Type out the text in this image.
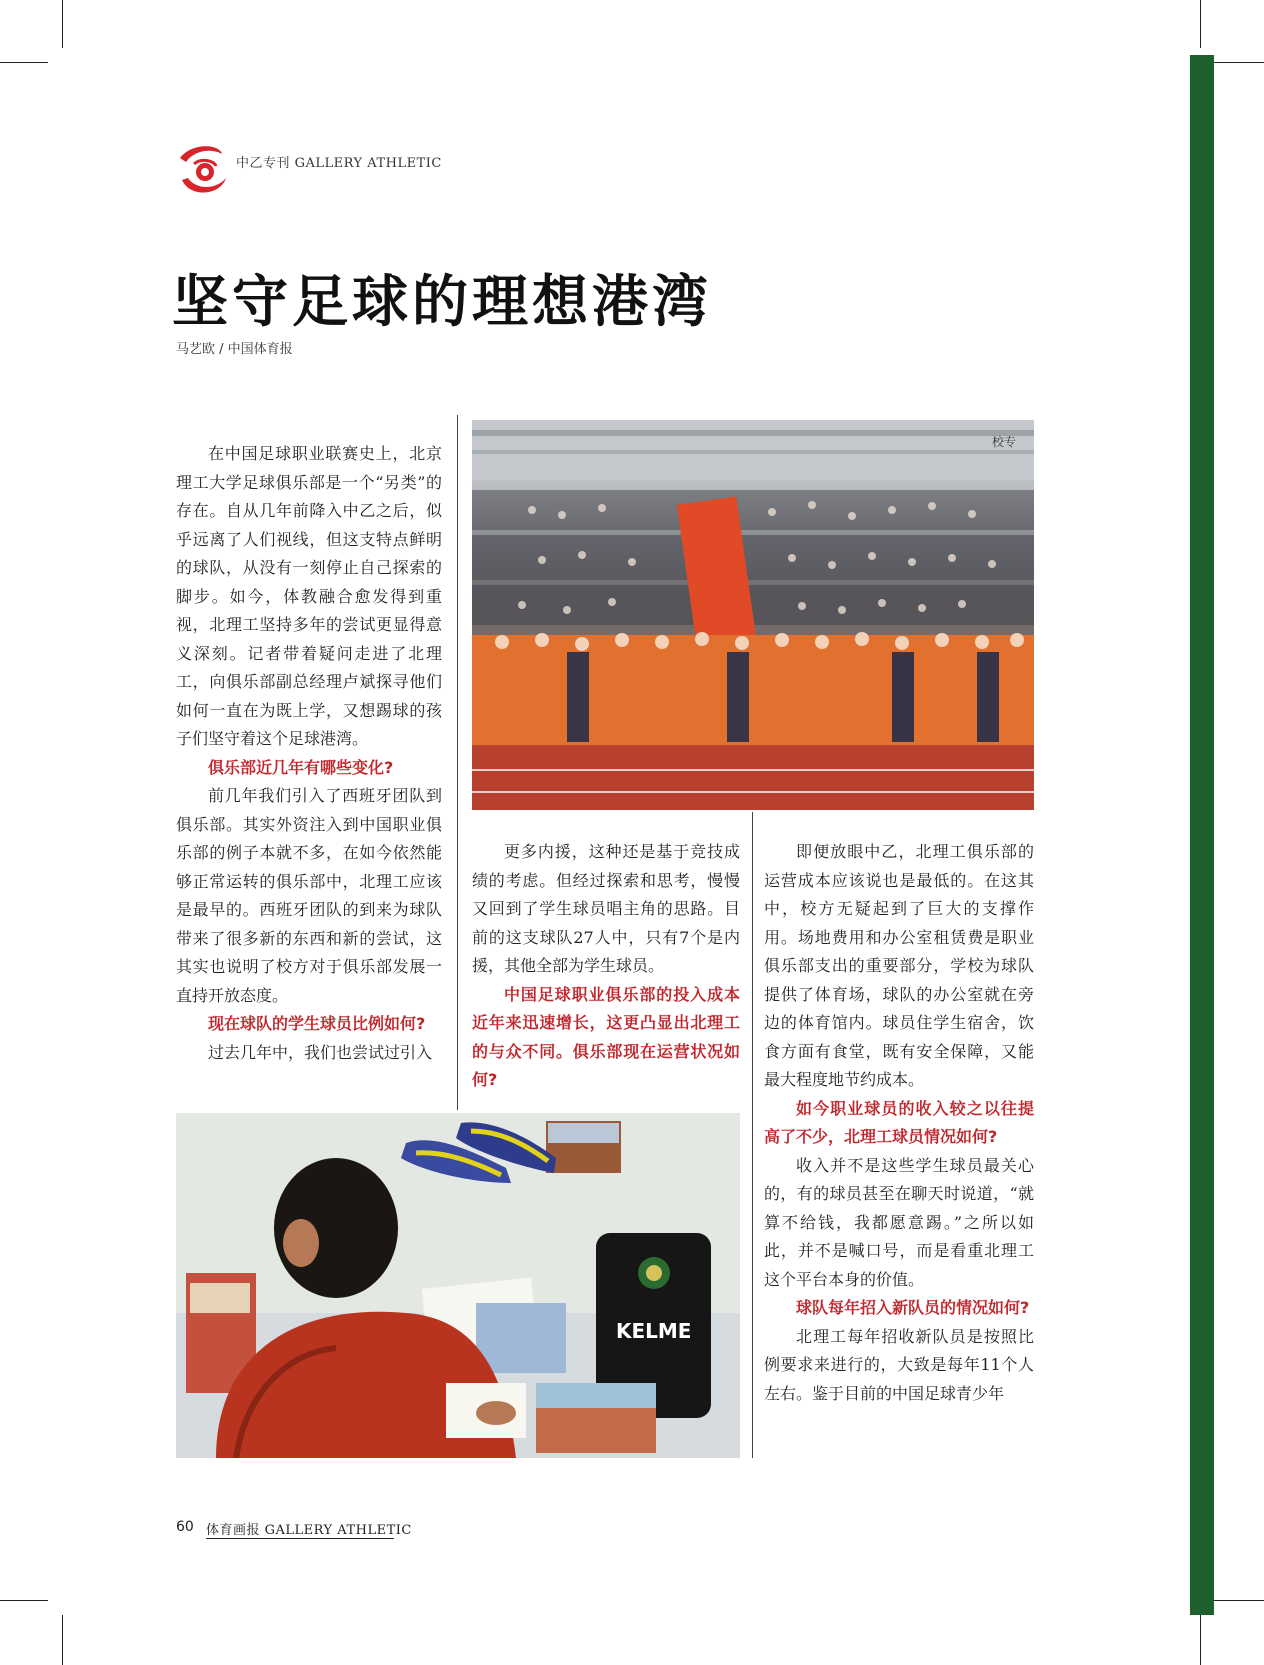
中乙专刊 GALLERY ATHLETIC
坚守足球的理想港湾
马艺欧 / 中国体育报
校专

在中国足球职业联赛史上，北京理工大学足球俱乐部是一个“另类”的存在。自从几年前降入中乙之后，似乎远离了人们视线，但这支特点鲜明的球队，从没有一刻停止自己探索的脚步。如今，体教融合愈发得到重视，北理工坚持多年的尝试更显得意义深刻。记者带着疑问走进了北理工，向俱乐部副总经理卢斌探寻他们如何一直在为既上学，又想踢球的孩子们坚守着这个足球港湾。

俱乐部近几年有哪些变化?

前几年我们引入了西班牙团队到俱乐部。其实外资注入到中国职业俱乐部的例子本就不多，在如今依然能够正常运转的俱乐部中，北理工应该是最早的。西班牙团队的到来为球队带来了很多新的东西和新的尝试，这其实也说明了校方对于俱乐部发展一直持开放态度。

现在球队的学生球员比例如何?

过去几年中，我们也尝试过引入

更多内援，这种还是基于竞技成绩的考虑。但经过探索和思考，慢慢又回到了学生球员唱主角的思路。目前的这支球队27人中，只有7个是内援，其他全部为学生球员。

中国足球职业俱乐部的投入成本近年来迅速增长，这更凸显出北理工的与众不同。俱乐部现在运营状况如何?

即便放眼中乙，北理工俱乐部的运营成本应该说也是最低的。在这其中，校方无疑起到了巨大的支撑作用。场地费用和办公室租赁费是职业俱乐部支出的重要部分，学校为球队提供了体育场，球队的办公室就在旁边的体育馆内。球员住学生宿舍，饮食方面有食堂，既有安全保障，又能最大程度地节约成本。

如今职业球员的收入较之以往提高了不少，北理工球员情况如何?

收入并不是这些学生球员最关心的，有的球员甚至在聊天时说道，“就算不给钱，我都愿意踢。”之所以如此，并不是喊口号，而是看重北理工这个平台本身的价值。

球队每年招入新队员的情况如何?

北理工每年招收新队员是按照比例要求来进行的，大致是每年11个人左右。鉴于目前的中国足球青少年

KELME
60 体育画报 GALLERY ATHLETIC
